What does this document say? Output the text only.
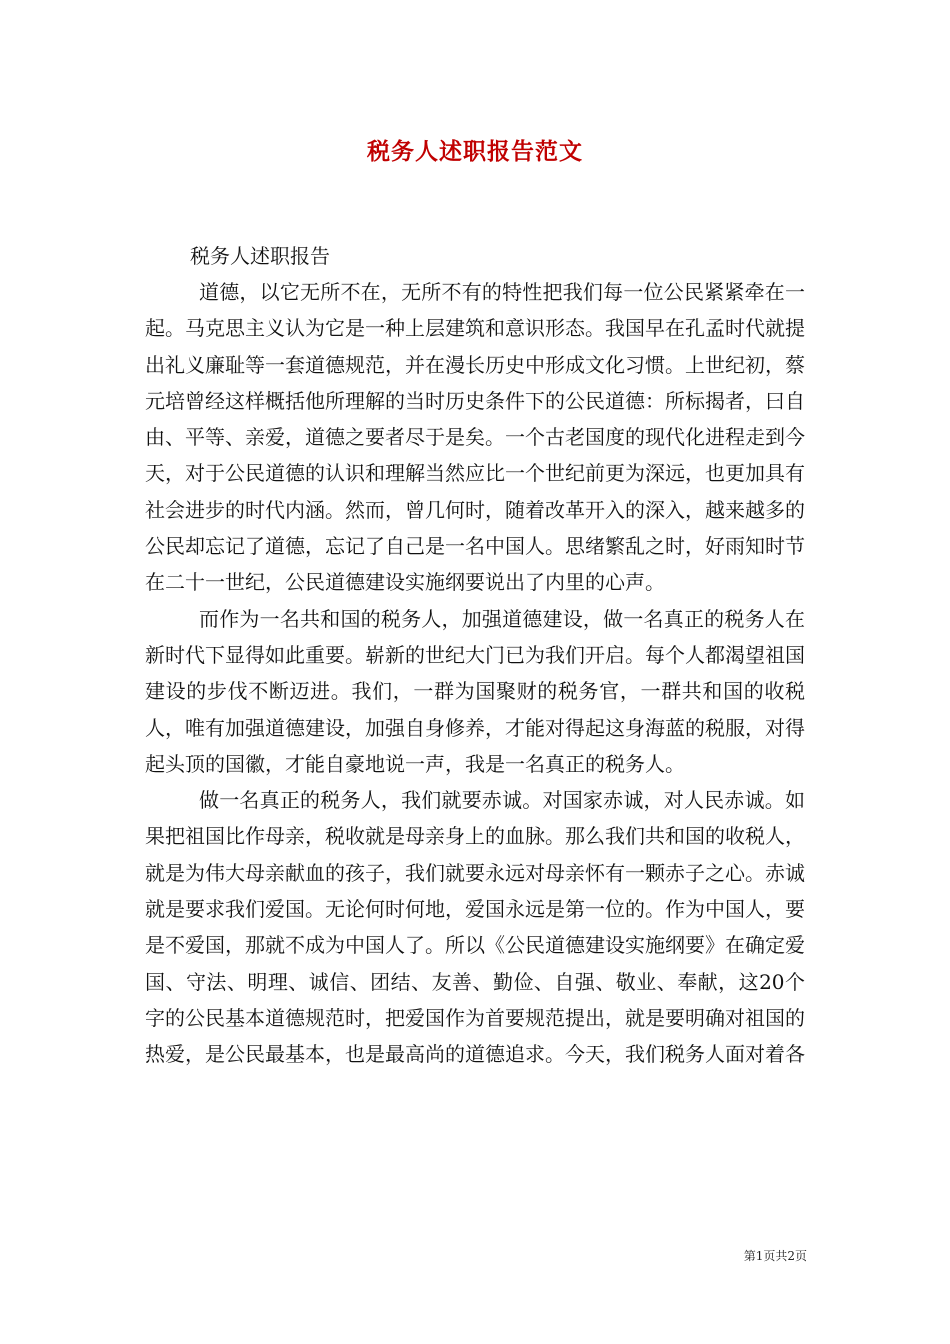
税务人述职报告范文

税务人述职报告

道德，以它无所不在，无所不有的特性把我们每一位公民紧紧牵在一起。马克思主义认为它是一种上层建筑和意识形态。我国早在孔孟时代就提出礼义廉耻等一套道德规范，并在漫长历史中形成文化习惯。上世纪初，蔡元培曾经这样概括他所理解的当时历史条件下的公民道德：所标揭者，曰自由、平等、亲爱，道德之要者尽于是矣。一个古老国度的现代化进程走到今天，对于公民道德的认识和理解当然应比一个世纪前更为深远，也更加具有社会进步的时代内涵。然而，曾几何时，随着改革开入的深入，越来越多的公民却忘记了道德，忘记了自己是一名中国人。思绪繁乱之时，好雨知时节在二十一世纪，公民道德建设实施纲要说出了内里的心声。

而作为一名共和国的税务人，加强道德建设，做一名真正的税务人在新时代下显得如此重要。崭新的世纪大门已为我们开启。每个人都渴望祖国建设的步伐不断迈进。我们，一群为国聚财的税务官，一群共和国的收税人，唯有加强道德建设，加强自身修养，才能对得起这身海蓝的税服，对得起头顶的国徽，才能自豪地说一声，我是一名真正的税务人。

做一名真正的税务人，我们就要赤诚。对国家赤诚，对人民赤诚。如果把祖国比作母亲，税收就是母亲身上的血脉。那么我们共和国的收税人，就是为伟大母亲献血的孩子，我们就要永远对母亲怀有一颗赤子之心。赤诚就是要求我们爱国。无论何时何地，爱国永远是第一位的。作为中国人，要是不爱国，那就不成为中国人了。所以《公民道德建设实施纲要》在确定爱国、守法、明理、诚信、团结、友善、勤俭、自强、敬业、奉献，这20个字的公民基本道德规范时，把爱国作为首要规范提出，就是要明确对祖国的热爱，是公民最基本，也是最高尚的道德追求。今天，我们税务人面对着各

第1页共2页
